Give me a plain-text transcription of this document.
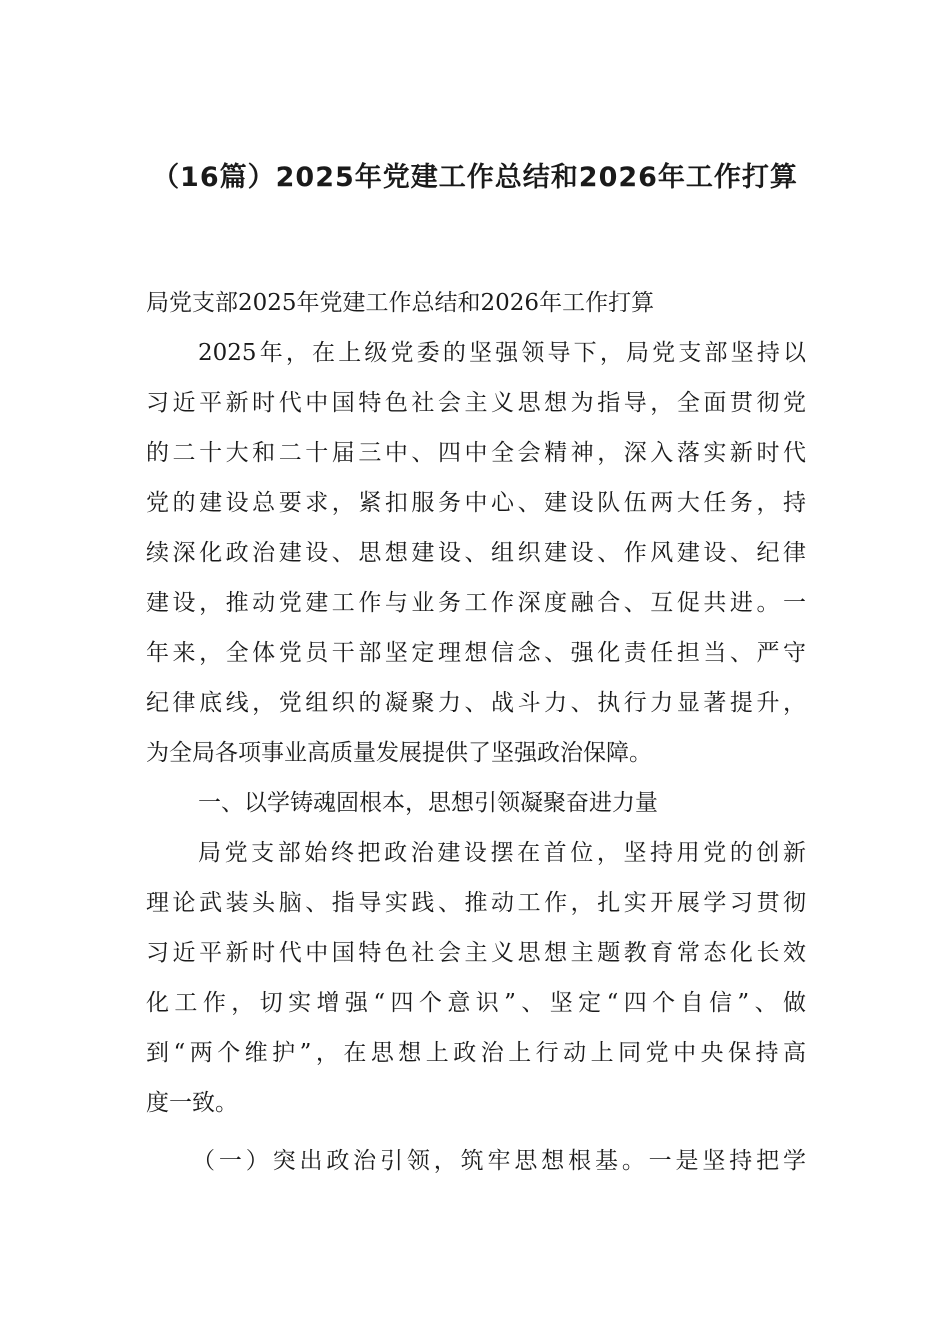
（16篇）2025年党建工作总结和2026年工作打算
局党支部2025年党建工作总结和2026年工作打算
2025年，在上级党委的坚强领导下，局党支部坚持以
习近平新时代中国特色社会主义思想为指导，全面贯彻党
的二十大和二十届三中、四中全会精神，深入落实新时代
党的建设总要求，紧扣服务中心、建设队伍两大任务，持
续深化政治建设、思想建设、组织建设、作风建设、纪律
建设，推动党建工作与业务工作深度融合、互促共进。一
年来，全体党员干部坚定理想信念、强化责任担当、严守
纪律底线，党组织的凝聚力、战斗力、执行力显著提升，
为全局各项事业高质量发展提供了坚强政治保障。
一、以学铸魂固根本，思想引领凝聚奋进力量
局党支部始终把政治建设摆在首位，坚持用党的创新
理论武装头脑、指导实践、推动工作，扎实开展学习贯彻
习近平新时代中国特色社会主义思想主题教育常态化长效
化工作，切实增强“四个意识”、坚定“四个自信”、做
到“两个维护”，在思想上政治上行动上同党中央保持高
度一致。
（一）突出政治引领，筑牢思想根基。一是坚持把学
